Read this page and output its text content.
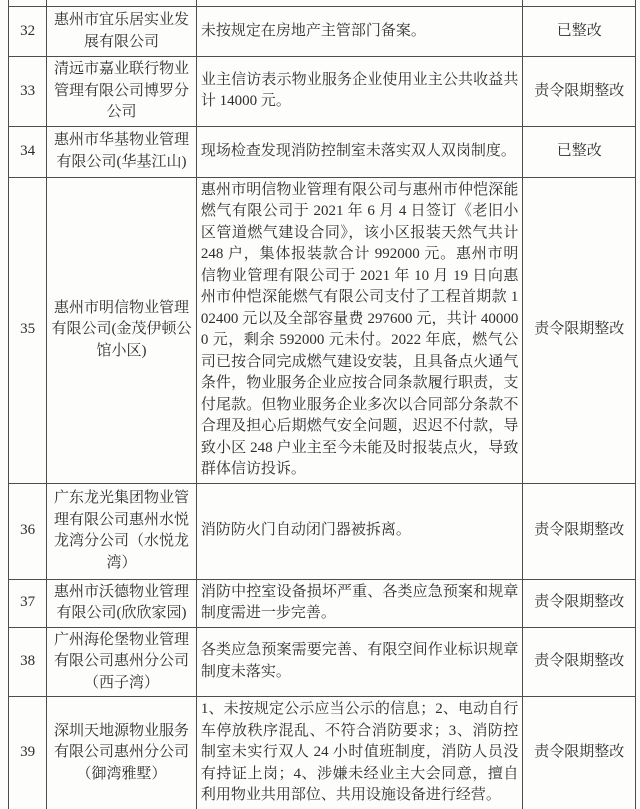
32	惠州市宜乐居实业发展有限公司	未按规定在房地产主管部门备案。	已整改
33	清远市嘉业联行物业管理有限公司博罗分公司	业主信访表示物业服务企业使用业主公共收益共计 14000 元。	责令限期整改
34	惠州市华基物业管理有限公司(华基江山)	现场检查发现消防控制室未落实双人双岗制度。	已整改
35	惠州市明信物业管理有限公司(金茂伊顿公馆小区)	惠州市明信物业管理有限公司与惠州市仲恺深能燃气有限公司于 2021 年 6 月 4 日签订《老旧小区管道燃气建设合同》，该小区报装天然气共计 248 户，集体报装款合计 992000 元。惠州市明信物业管理有限公司于 2021 年 10 月 19 日向惠州市仲恺深能燃气有限公司支付了工程首期款 102400 元以及全部容量费 297600 元，共计 400000 元，剩余 592000 元未付。2022 年底，燃气公司已按合同完成燃气建设安装，且具备点火通气条件，物业服务企业应按合同条款履行职责，支付尾款。但物业服务企业多次以合同部分条款不合理及担心后期燃气安全问题，迟迟不付款，导致小区 248 户业主至今未能及时报装点火，导致群体信访投诉。	责令限期整改
36	广东龙光集团物业管理有限公司惠州水悦龙湾分公司（水悦龙湾）	消防防火门自动闭门器被拆离。	责令限期整改
37	惠州市沃德物业管理有限公司(欣欣家园)	消防中控室设备损坏严重、各类应急预案和规章制度需进一步完善。	责令限期整改
38	广州海伦堡物业管理有限公司惠州分公司（西子湾）	各类应急预案需要完善、有限空间作业标识规章制度未落实。	责令限期整改
39	深圳天地源物业服务有限公司惠州分公司（御湾雅墅）	1、未按规定公示应当公示的信息；2、电动自行车停放秩序混乱、不符合消防要求；3、消防控制室未实行双人 24 小时值班制度，消防人员没有持证上岗；4、涉嫌未经业主大会同意，擅自利用物业共用部位、共用设施设备进行经营。	责令限期整改
